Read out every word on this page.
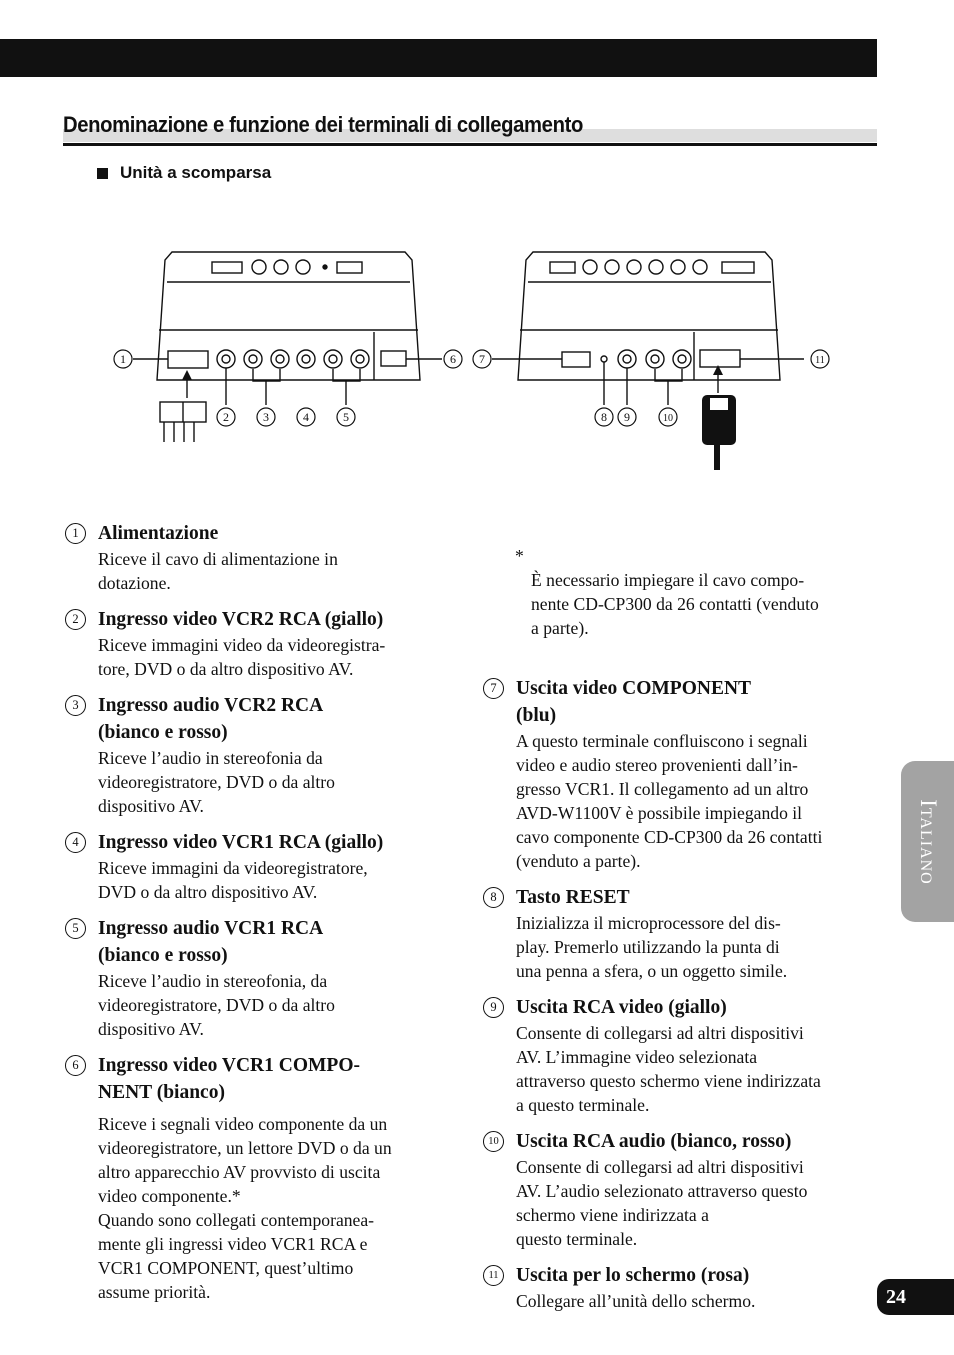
Denominazione e funzione dei terminali di collegamento
Unità a scomparsa
1
2	3	4	5
6 7
8 9	10
11
1 Alimentazione
Riceve il cavo di alimentazione in
dotazione.
2 Ingresso video VCR2 RCA (giallo)
Riceve immagini video da videoregistra-
tore, DVD o da altro dispositivo AV.
3 Ingresso audio VCR2 RCA
(bianco e rosso)
Riceve l’audio in stereofonia da
videoregistratore, DVD o da altro
dispositivo AV.
4 Ingresso video VCR1 RCA (giallo)
Riceve immagini da videoregistratore,
DVD o da altro dispositivo AV.
5 Ingresso audio VCR1 RCA
(bianco e rosso)
Riceve l’audio in stereofonia, da
videoregistratore, DVD o da altro
dispositivo AV.
6 Ingresso video VCR1 COMPO-
NENT (bianco)
Riceve i segnali video componente da un
videoregistratore, un lettore DVD o da un
altro apparecchio AV provvisto di uscita
video componente.*
Quando sono collegati contemporanea-
mente gli ingressi video VCR1 RCA e
VCR1 COMPONENT, quest’ultimo
assume priorità.

*

È necessario impiegare il cavo compo-
nente CD-CP300 da 26 contatti (venduto
a parte).

7 Uscita video COMPONENT
(blu)
A questo terminale confluiscono i segnali
video e audio stereo provenienti dall’in-
gresso VCR1. Il collegamento ad un altro
AVD-W1100V è possibile impiegando il
cavo componente CD-CP300 da 26 contatti
(venduto a parte).
8 Tasto RESET
Inizializza il microprocessore del dis-
play. Premerlo utilizzando la punta di
una penna a sfera, o un oggetto simile.
9 Uscita RCA video (giallo)
Consente di collegarsi ad altri dispositivi
AV. L’immagine video selezionata
attraverso questo schermo viene indirizzata
a questo terminale.
10 Uscita RCA audio (bianco, rosso)
Consente di collegarsi ad altri dispositivi
AV. L’audio selezionato attraverso questo
schermo viene indirizzata a
questo terminale.
11 Uscita per lo schermo (rosa)
Collegare all’unità dello schermo.
Italiano
24
